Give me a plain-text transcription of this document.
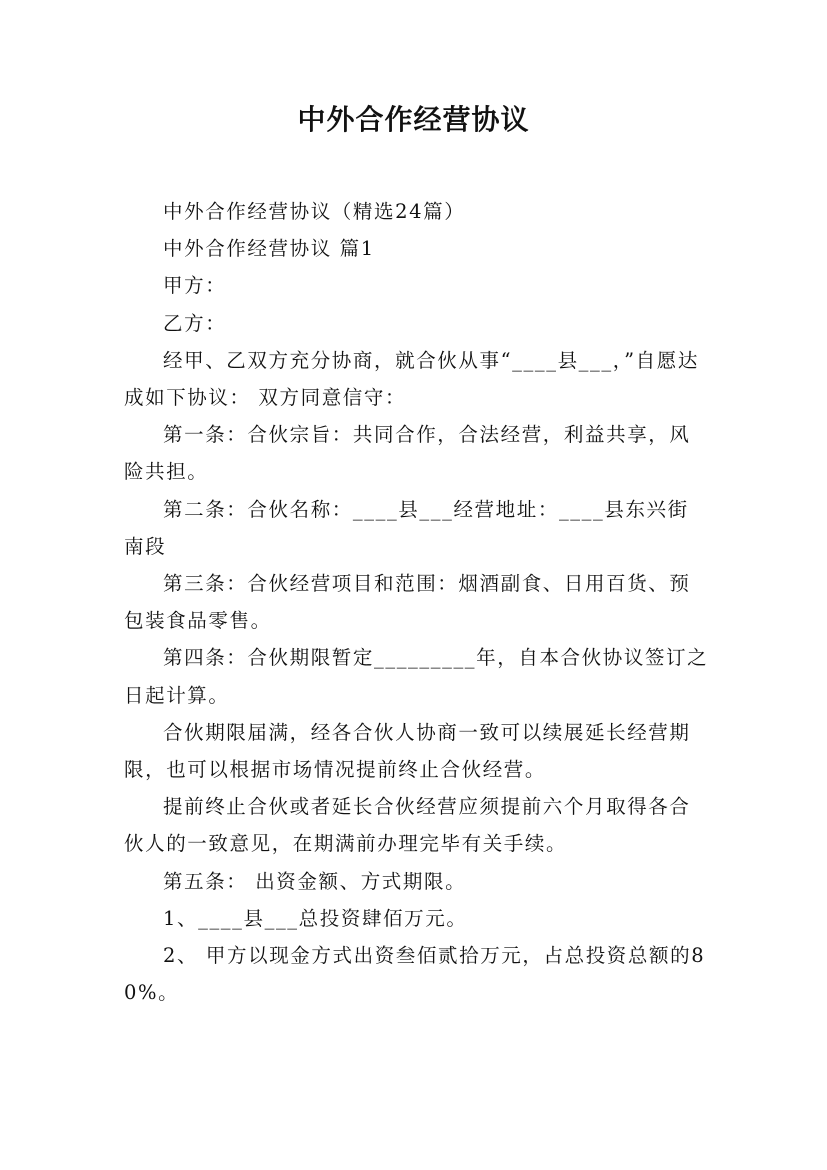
中外合作经营协议

中外合作经营协议（精选24篇）

中外合作经营协议 篇1

甲方：

乙方：

经甲、乙双方充分协商，就合伙从事“____县___，”自愿达成如下协议： 双方同意信守：

第一条：合伙宗旨：共同合作，合法经营，利益共享，风险共担。

第二条：合伙名称：____县___经营地址：____县东兴街南段

第三条：合伙经营项目和范围：烟酒副食、日用百货、预包装食品零售。

第四条：合伙期限暂定_________年，自本合伙协议签订之日起计算。

合伙期限届满，经各合伙人协商一致可以续展延长经营期限，也可以根据市场情况提前终止合伙经营。

提前终止合伙或者延长合伙经营应须提前六个月取得各合伙人的一致意见，在期满前办理完毕有关手续。

第五条： 出资金额、方式期限。

1、____县___总投资肆佰万元。

2、 甲方以现金方式出资叁佰贰拾万元，占总投资总额的80%。
